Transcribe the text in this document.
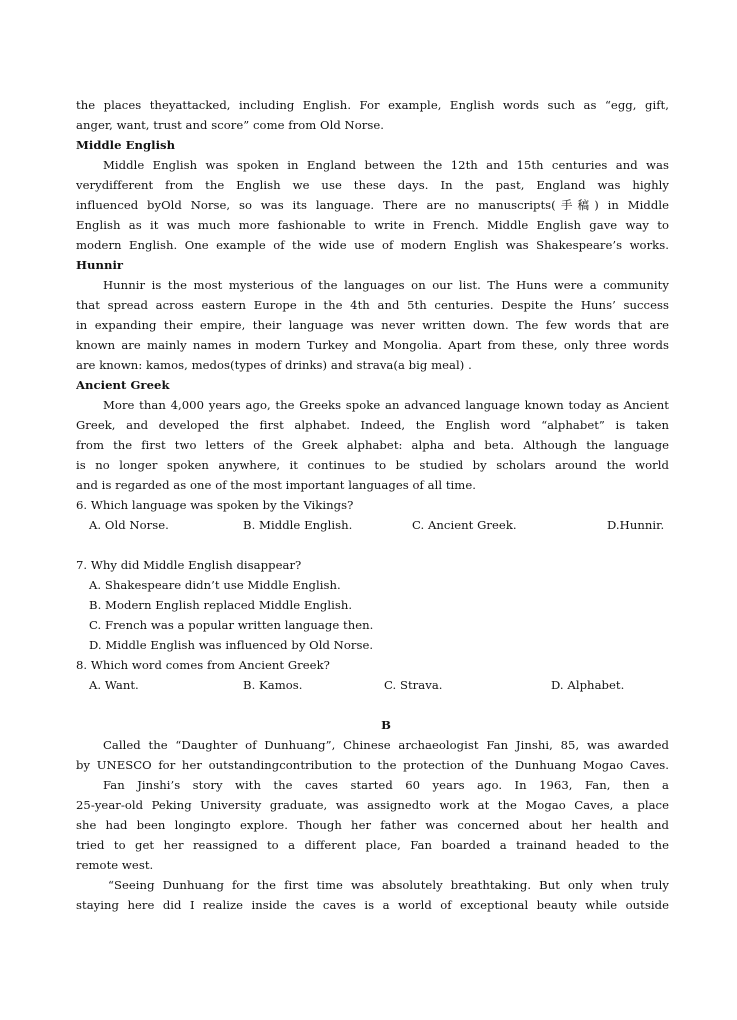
the places theyattacked, including English. For example, English words such as “egg, gift,
anger, want, trust and score” come from Old Norse.
Middle English
Middle English was spoken in England between the 12th and 15th centuries and was
verydifferent from the English we use these days. In the past, England was highly
influenced byOld Norse, so was its language. There are no manuscripts(手稿) in Middle
English as it was much more fashionable to write in French. Middle English gave way to
modern English. One example of the wide use of modern English was Shakespeare’s works.
Hunnir
Hunnir is the most mysterious of the languages on our list. The Huns were a community
that spread across eastern Europe in the 4th and 5th centuries. Despite the Huns’ success
in expanding their empire, their language was never written down. The few words that are
known are mainly names in modern Turkey and Mongolia. Apart from these, only three words
are known: kamos, medos(types of drinks) and strava(a big meal) .
Ancient Greek
More than 4,000 years ago, the Greeks spoke an advanced language known today as Ancient
Greek, and developed the first alphabet. Indeed, the English word “alphabet” is taken
from the first two letters of the Greek alphabet: alpha and beta. Although the language
is no longer spoken anywhere, it continues to be studied by scholars around the world
and is regarded as one of the most important languages of all time.
6. Which language was spoken by the Vikings?
A. Old Norse.	B. Middle English.	C. Ancient Greek.	D.Hunnir.
7. Why did Middle English disappear?
A. Shakespeare didn’t use Middle English.
B. Modern English replaced Middle English.
C. French was a popular written language then.
D. Middle English was influenced by Old Norse.
8. Which word comes from Ancient Greek?
A. Want.	B. Kamos.	C. Strava.	D. Alphabet.
B
Called the “Daughter of Dunhuang”, Chinese archaeologist Fan Jinshi, 85, was awarded
by UNESCO for her outstandingcontribution to the protection of the Dunhuang Mogao Caves.
Fan Jinshi’s story with the caves started 60 years ago. In 1963, Fan, then a
25-year-old Peking University graduate, was assignedto work at the Mogao Caves, a place
she had been longingto explore. Though her father was concerned about her health and
tried to get her reassigned to a different place, Fan boarded a trainand headed to the
remote west.
“Seeing Dunhuang for the first time was absolutely breathtaking. But only when truly
staying here did I realize inside the caves is a world of exceptional beauty while outside
